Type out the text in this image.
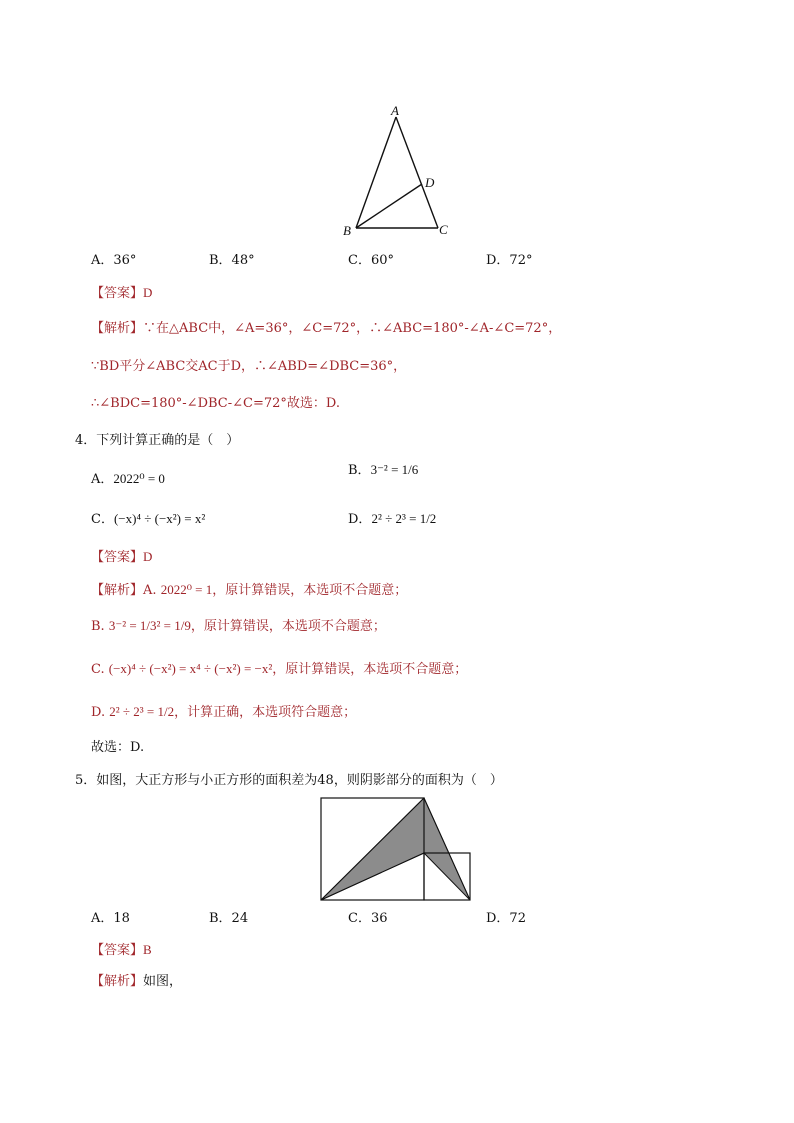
A
B	C
D
A．36°	B．48°	C．60°	D．72°
【答案】D
【解析】∵在△ABC中，∠A=36°，∠C=72°，∴∠ABC=180°-∠A-∠C=72°，
∵BD平分∠ABC交AC于D，∴∠ABD=∠DBC=36°，
∴∠BDC=180°-∠DBC-∠C=72°故选：D.
4．下列计算正确的是（　）
A．2022⁰ = 0
B．3⁻² = 1/6
C．(−x)⁴ ÷ (−x²) = x²	D．2² ÷ 2³ = 1/2
【答案】D
【解析】A. 2022⁰ = 1，原计算错误，本选项不合题意；
B. 3⁻² = 1/3² = 1/9，原计算错误，本选项不合题意；
C. (−x)⁴ ÷ (−x²) = x⁴ ÷ (−x²) = −x²，原计算错误，本选项不合题意；
D. 2² ÷ 2³ = 1/2，计算正确，本选项符合题意；
故选：D.
5．如图，大正方形与小正方形的面积差为48，则阴影部分的面积为（　）
A．18	B．24	C．36	D．72
【答案】B
【解析】如图，
